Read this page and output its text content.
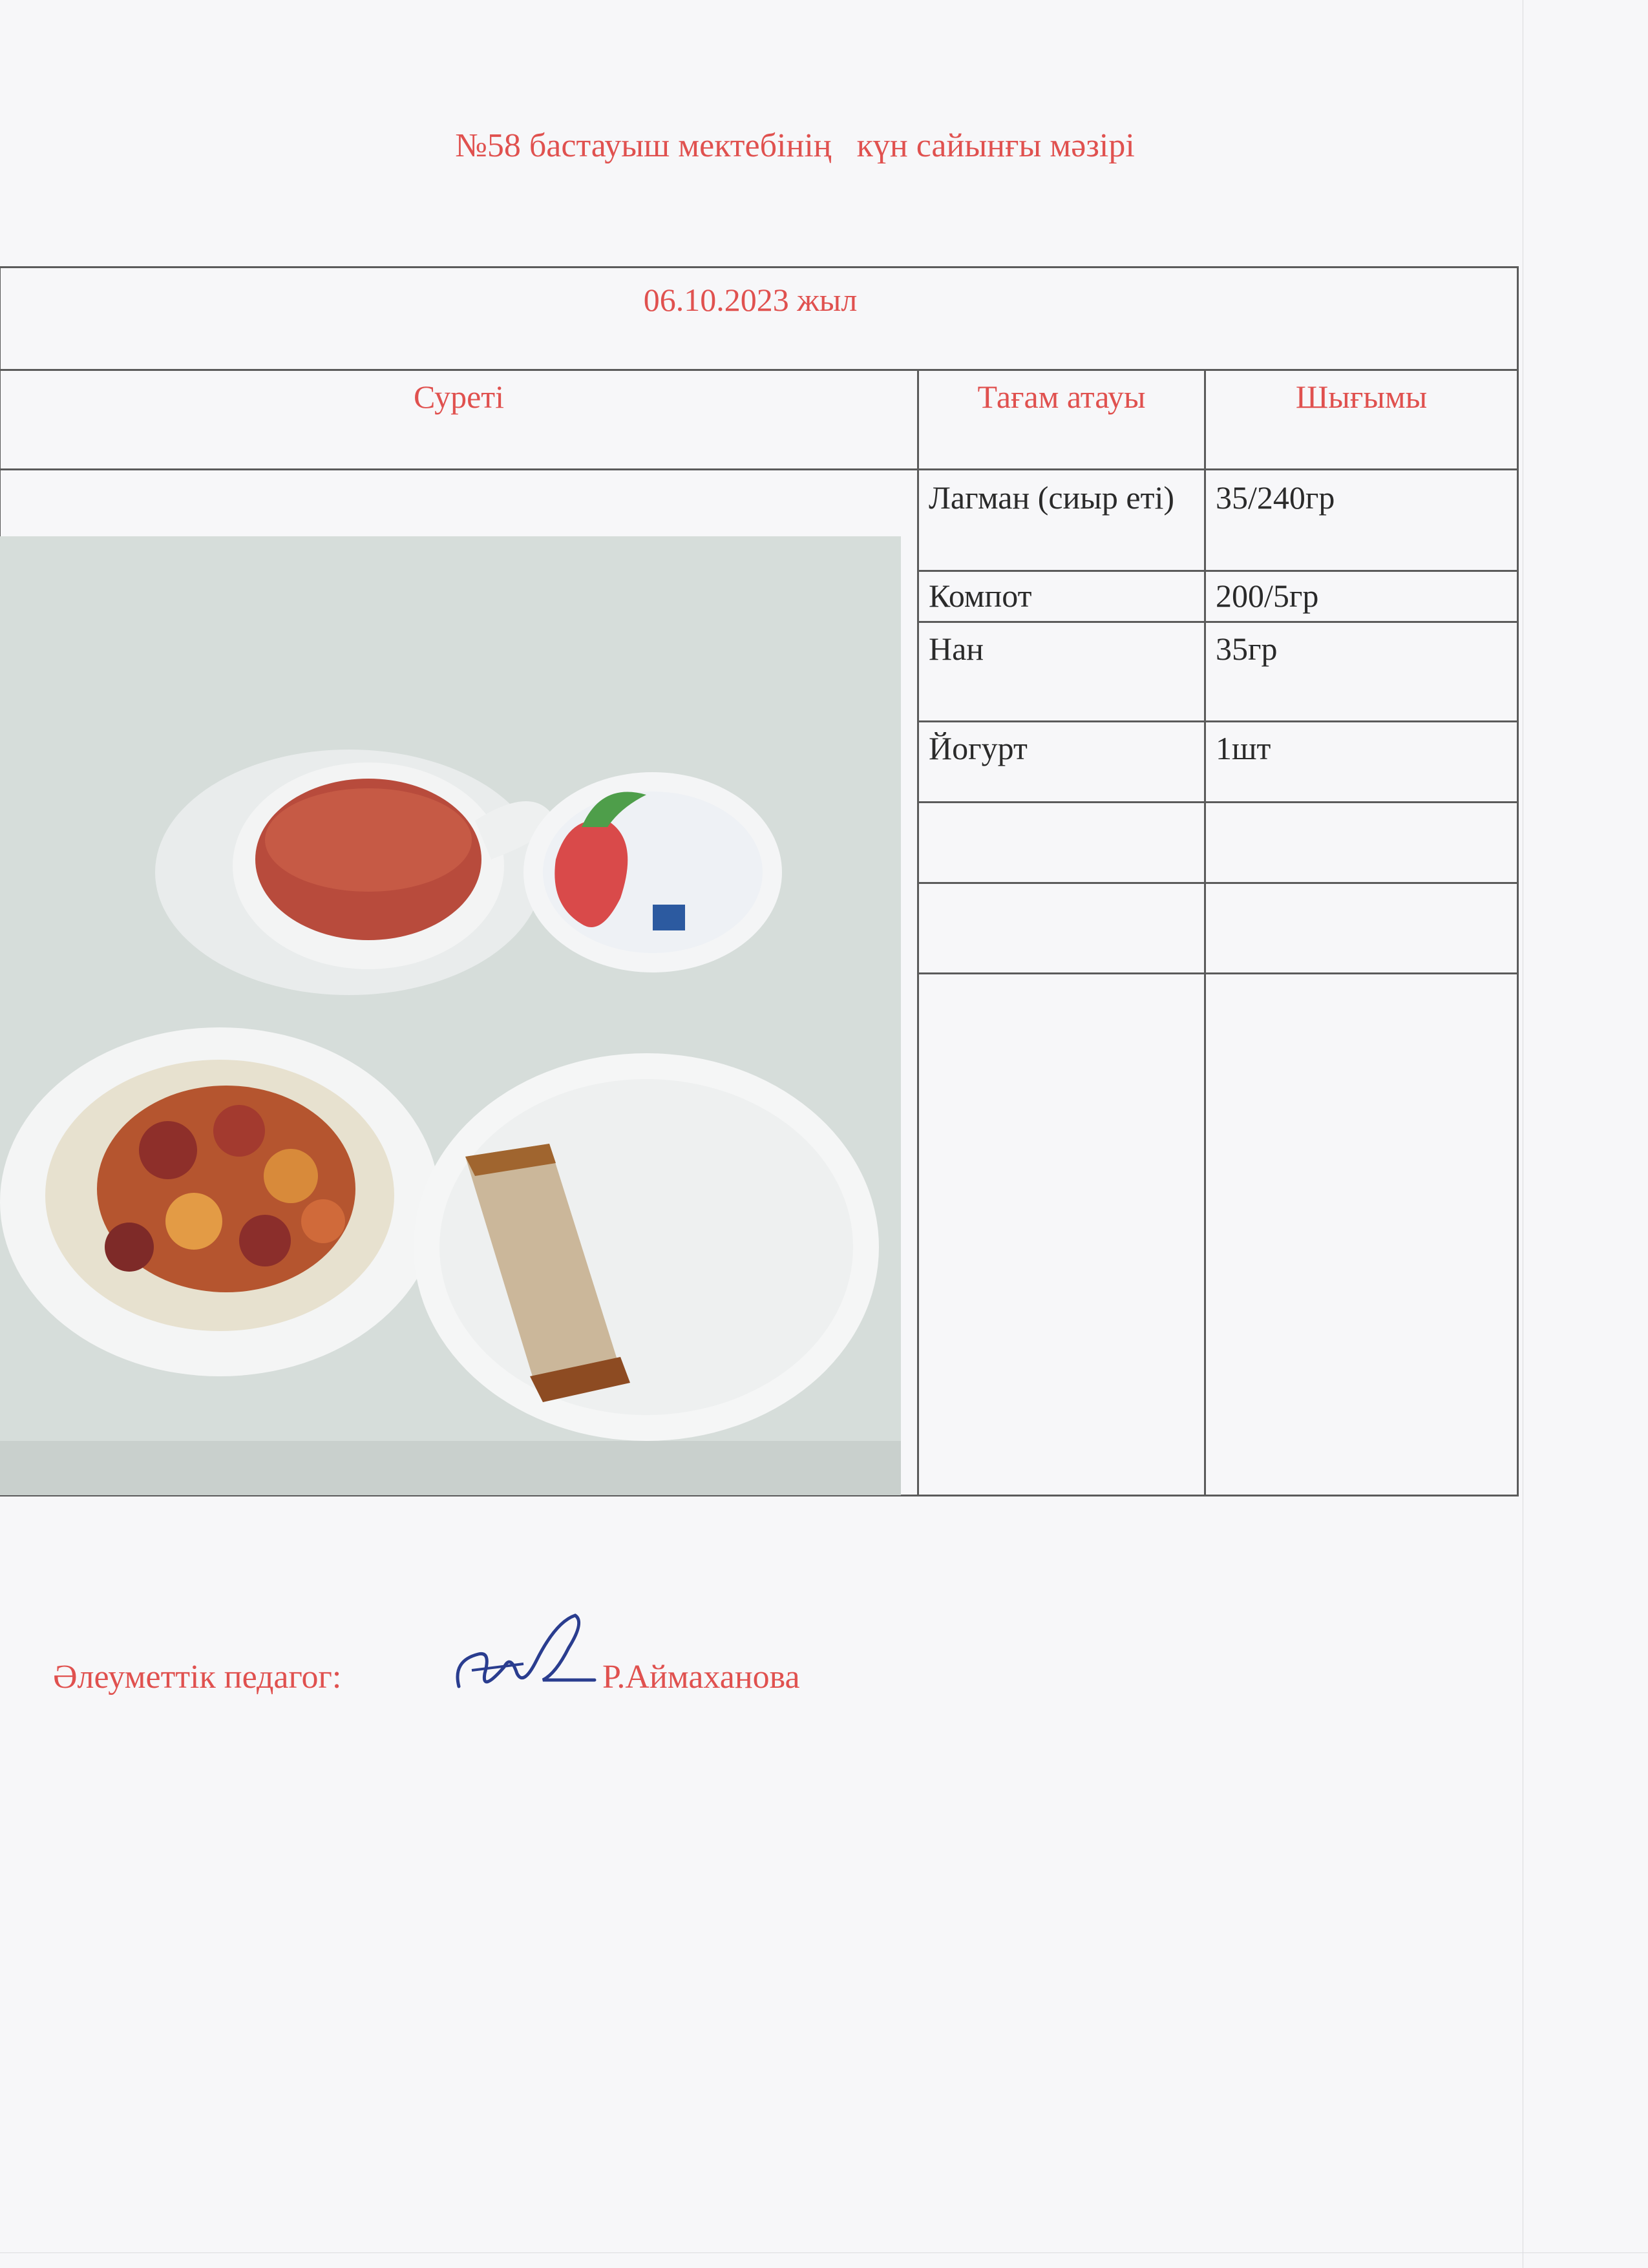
№58 бастауыш мектебінің   күн сайынғы мәзірі
06.10.2023 жыл
Суреті	Тағам атауы	Шығымы
Лагман (сиыр еті)	35/240гр
Компот	200/5гр
Нан	35гр
Йогурт	1шт
Әлеуметтік педагог:	Р.Аймаханова
